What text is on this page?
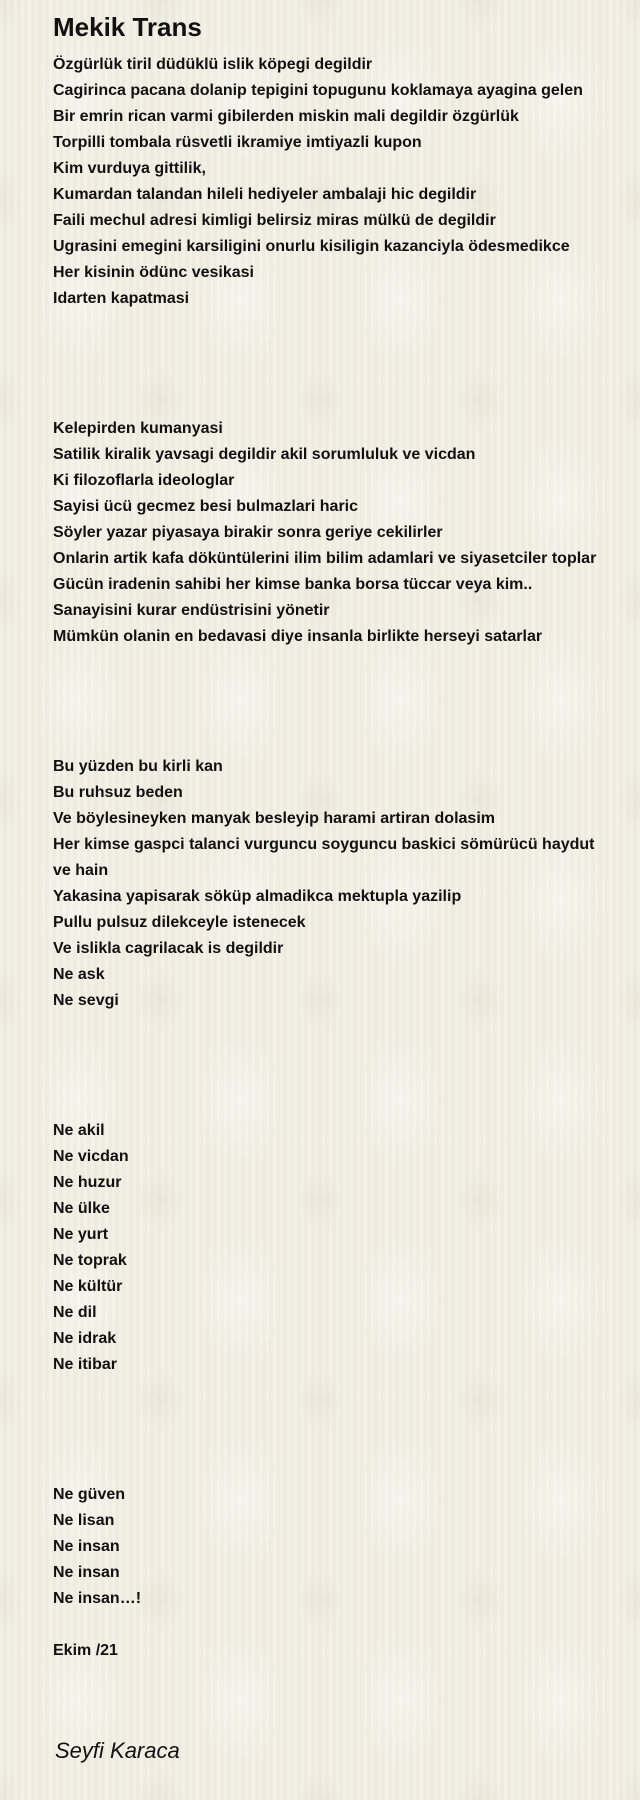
Mekik Trans
Özgürlük tiril düdüklü islik köpegi degildir
Cagirinca pacana dolanip tepigini topugunu koklamaya ayagina gelen
Bir emrin rican varmi gibilerden miskin mali degildir özgürlük
Torpilli tombala rüsvetli ikramiye imtiyazli kupon
Kim vurduya gittilik,
Kumardan talandan hileli hediyeler ambalaji hic degildir
Faili mechul adresi kimligi belirsiz miras mülkü de degildir
Ugrasini emegini karsiligini onurlu kisiligin kazanciyla ödesmedikce
Her kisinin ödünc vesikasi
Idarten kapatmasi
Kelepirden kumanyasi
Satilik kiralik yavsagi degildir akil sorumluluk ve vicdan
Ki filozoflarla ideologlar
Sayisi ücü gecmez besi bulmazlari haric
Söyler yazar piyasaya birakir sonra geriye cekilirler
Onlarin artik kafa döküntülerini ilim bilim adamlari ve siyasetciler toplar
Gücün iradenin sahibi her kimse banka borsa tüccar veya kim..
Sanayisini kurar endüstrisini yönetir
Mümkün olanin en bedavasi diye insanla birlikte herseyi satarlar
Bu yüzden bu kirli kan
Bu ruhsuz beden
Ve böylesineyken manyak besleyip harami artiran dolasim
Her kimse gaspci talanci vurguncu soyguncu baskici sömürücü haydut ve hain
Yakasina yapisarak söküp almadikca mektupla yazilip
Pullu pulsuz dilekceyle istenecek
Ve islikla cagrilacak is degildir
Ne ask
Ne sevgi
Ne akil
Ne vicdan
Ne huzur
Ne ülke
Ne yurt
Ne toprak
Ne kültür
Ne dil
Ne idrak
Ne itibar
Ne güven
Ne lisan
Ne insan
Ne insan
Ne insan…!
Ekim /21
Seyfi Karaca
